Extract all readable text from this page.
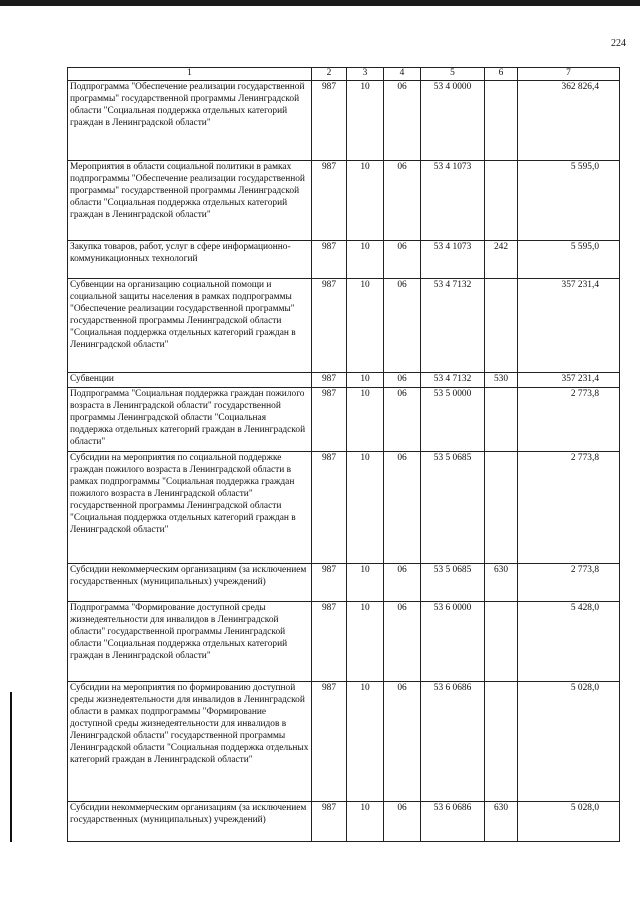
224
1	2	3	4	5	6	7
Подпрограмма "Обеспечение реализации государственной программы" государственной программы Ленинградской области "Социальная поддержка отдельных категорий граждан в Ленинградской области"	987	10	06	53 4 0000		362 826,4
Мероприятия в области социальной политики в рамках подпрограммы "Обеспечение реализации государственной программы" государственной программы Ленинградской области "Социальная поддержка отдельных категорий граждан в Ленинградской области"	987	10	06	53 4 1073		5 595,0
Закупка товаров, работ, услуг в сфере информационно-коммуникационных технологий	987	10	06	53 4 1073	242	5 595,0
Субвенции на организацию социальной помощи и социальной защиты населения в рамках подпрограммы "Обеспечение реализации государственной программы" государственной программы Ленинградской области "Социальная поддержка отдельных категорий граждан в Ленинградской области"	987	10	06	53 4 7132		357 231,4
Субвенции	987	10	06	53 4 7132	530	357 231,4
Подпрограмма "Социальная поддержка граждан пожилого возраста в Ленинградской области" государственной программы Ленинградской области "Социальная поддержка отдельных категорий граждан в Ленинградской области"	987	10	06	53 5 0000		2 773,8
Субсидии на мероприятия по социальной поддержке граждан пожилого возраста в Ленинградской области в рамках подпрограммы "Социальная поддержка граждан пожилого возраста в Ленинградской области" государственной программы Ленинградской области "Социальная поддержка отдельных категорий граждан в Ленинградской области"	987	10	06	53 5 0685		2 773,8
Субсидии некоммерческим организациям (за исключением государственных (муниципальных) учреждений)	987	10	06	53 5 0685	630	2 773,8
Подпрограмма "Формирование доступной среды жизнедеятельности для инвалидов в Ленинградской области" государственной программы Ленинградской области "Социальная поддержка отдельных категорий граждан в Ленинградской области"	987	10	06	53 6 0000		5 428,0
Субсидии на мероприятия по формированию доступной среды жизнедеятельности для инвалидов в Ленинградской области в рамках подпрограммы "Формирование доступной среды жизнедеятельности для инвалидов в Ленинградской области" государственной программы Ленинградской области "Социальная поддержка отдельных категорий граждан в Ленинградской области"	987	10	06	53 6 0686		5 028,0
Субсидии некоммерческим организациям (за исключением государственных (муниципальных) учреждений)	987	10	06	53 6 0686	630	5 028,0
